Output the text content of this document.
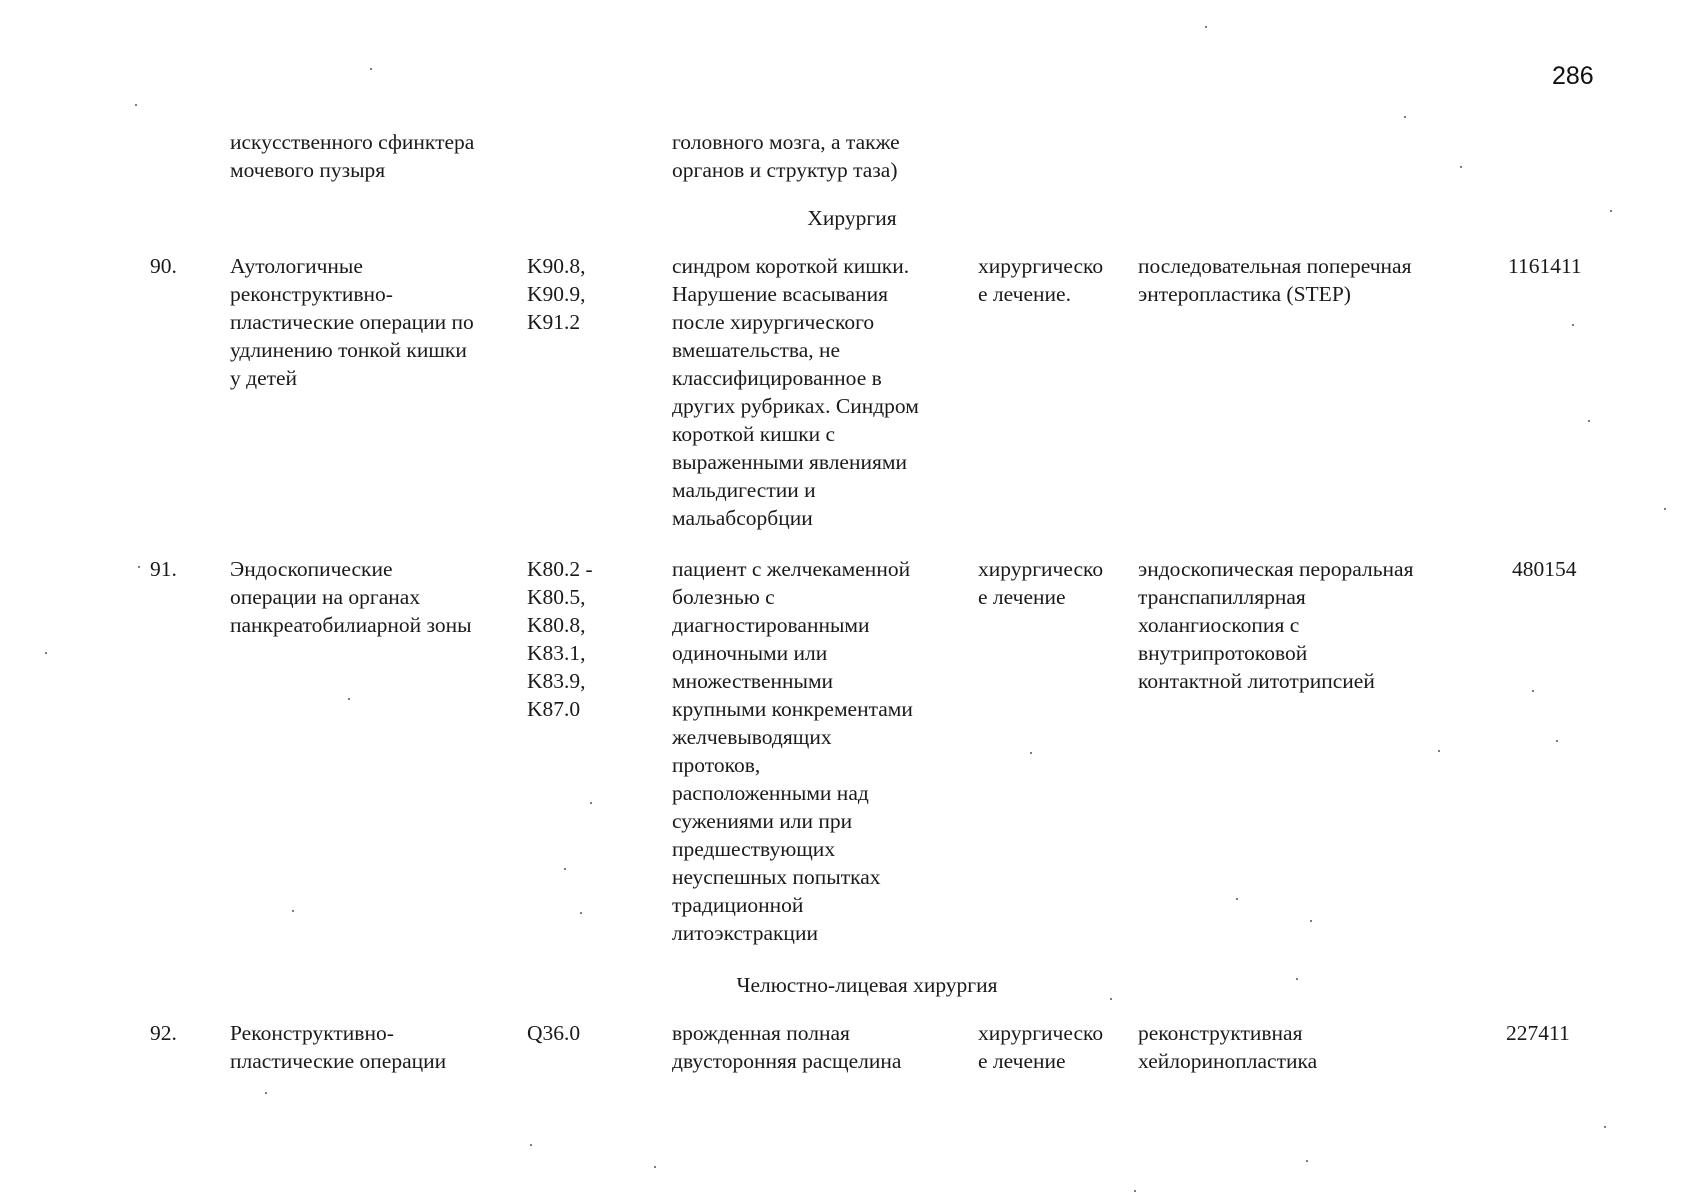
286
искусственного сфинктера
мочевого пузыря
головного мозга, а также
органов и структур таза)
Хирургия
90. Аутологичные
реконструктивно-
пластические операции по
удлинению тонкой кишки
у детей
K90.8,
K90.9,
K91.2
синдром короткой кишки.
Нарушение всасывания
после хирургического
вмешательства, не
классифицированное в
других рубриках. Синдром
короткой кишки с
выраженными явлениями
мальдигестии и
мальабсорбции
хирургическо
е лечение.
последовательная поперечная
энтеропластика (STEP)
1161411
91. Эндоскопические
операции на органах
панкреатобилиарной зоны
K80.2 -
K80.5,
K80.8,
K83.1,
K83.9,
K87.0
пациент с желчекаменной
болезнью с
диагностированными
одиночными или
множественными
крупными конкрементами
желчевыводящих
протоков,
расположенными над
сужениями или при
предшествующих
неуспешных попытках
традиционной
литоэкстракции
хирургическо
е лечение
эндоскопическая пероральная
транспапиллярная
холангиоскопия с
внутрипротоковой
контактной литотрипсией
480154
Челюстно-лицевая хирургия
92. Реконструктивно-
пластические операции
Q36.0	врожденная полная
двусторонняя расщелина
хирургическо
е лечение
реконструктивная
хейлоринопластика
227411
